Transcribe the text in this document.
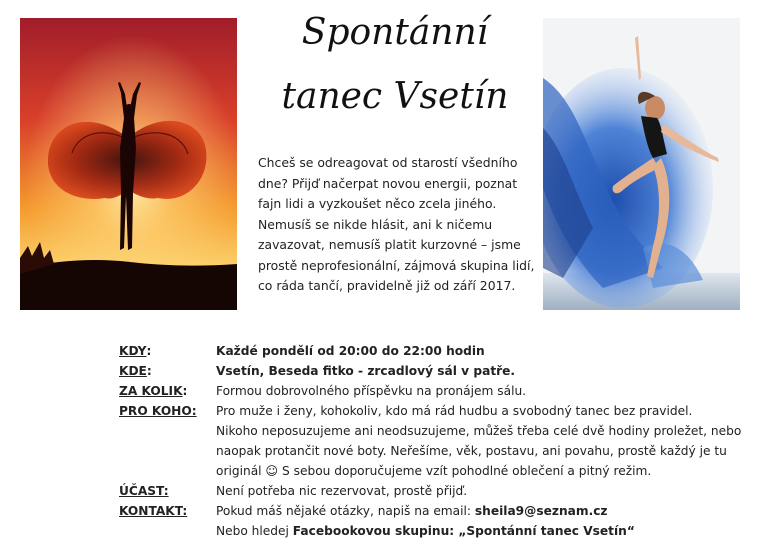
Spontánní
tanec Vsetín

Chceš se odreagovat od starostí všedního

dne? Přijď načerpat novou energii, poznat

fajn lidi a vyzkoušet něco zcela jiného.

Nemusíš se nikde hlásit, ani k ničemu

zavazovat, nemusíš platit kurzovné – jsme

prostě neprofesionální, zájmová skupina lidí,

co ráda tančí, pravidelně již od září 2017.

KDY:	Každé pondělí od 20:00 do 22:00 hodin
KDE:	Vsetín, Beseda fitko - zrcadlový sál v patře.
ZA KOLIK:	Formou dobrovolného příspěvku na pronájem sálu.
PRO KOHO:	Pro muže i ženy, kohokoliv, kdo má rád hudbu a svobodný tanec bez pravidel.
Nikoho neposuzujeme ani neodsuzujeme, můžeš třeba celé dvě hodiny proležet, nebo
naopak protančit nové boty. Neřešíme, věk, postavu, ani povahu, prostě každý je tu
originál ☺ S sebou doporučujeme vzít pohodlné oblečení a pitný režim.
ÚČAST:	Není potřeba nic rezervovat, prostě přijď.
KONTAKT:	Pokud máš nějaké otázky, napiš na email: sheila9@seznam.cz
Nebo hledej Facebookovou skupinu: „Spontánní tanec Vsetín“
